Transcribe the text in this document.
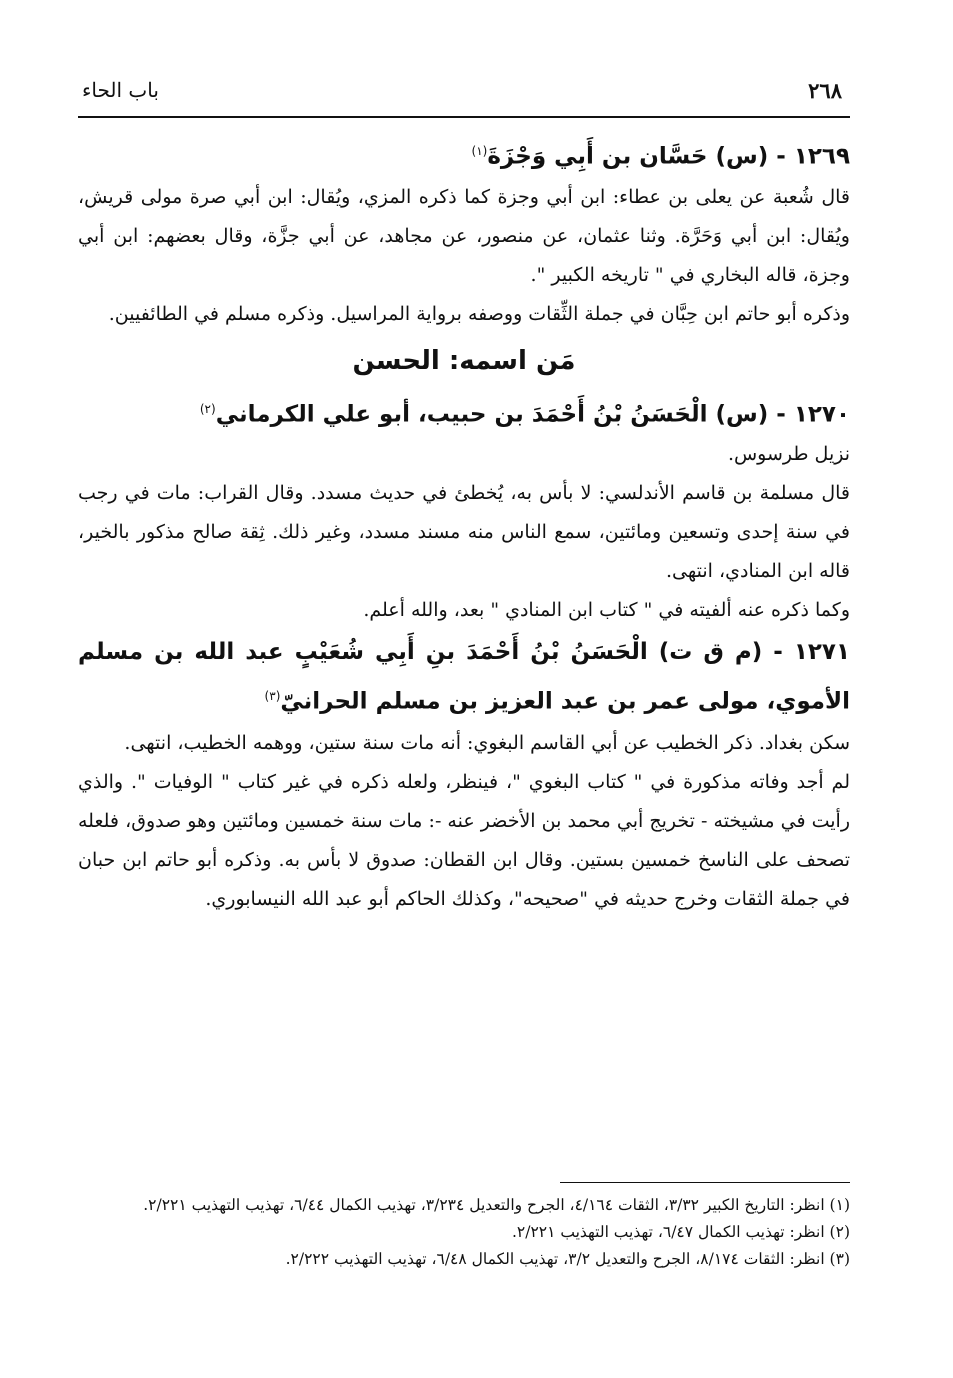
٢٦٨
باب الحاء

١٢٦٩ - (س) حَسَّان بن أَبِي وَجْزَةَ$^{(١)}$

قال شُعبة عن يعلى بن عطاء: ابن أبي وجزة كما ذكره المزي، ويُقال: ابن أبي صرة مولى قريش، ويُقال: ابن أبي وَحَرَّة. وثنا عثمان، عن منصور، عن مجاهد، عن أبي جزَّة، وقال بعضهم: ابن أبي وجزة، قاله البخاري في " تاريخه الكبير ".

وذكره أبو حاتم ابن حِبَّان في جملة الثِّقات ووصفه برواية المراسيل. وذكره مسلم في الطائفيين.

مَن اسمه: الحسن

١٢٧٠ - (س) الْحَسَنُ بْنُ أَحْمَدَ بن حبيب، أبو علي الكرماني$^{(٢)}$

نزيل طرسوس.

قال مسلمة بن قاسم الأندلسي: لا بأس به، يُخطئ في حديث مسدد. وقال القراب: مات في رجب في سنة إحدى وتسعين ومائتين، سمع الناس منه مسند مسدد، وغير ذلك. ثِقة صالح مذكور بالخير، قاله ابن المنادي، انتهى.

وكما ذكره عنه ألفيته في " كتاب ابن المنادي " بعد، والله أعلم.

١٢٧١ - (م ق ت) الْحَسَنُ بْنُ أَحْمَدَ بنِ أَبِي شُعَيْبٍ عبد الله بن مسلم الأموي، مولى عمر بن عبد العزيز بن مسلم الحرانيّ$^{(٣)}$

سكن بغداد. ذكر الخطيب عن أبي القاسم البغوي: أنه مات سنة ستين، ووهمه الخطيب، انتهى.

لم أجد وفاته مذكورة في " كتاب البغوي "، فينظر، ولعله ذكره في غير كتاب " الوفيات ". والذي رأيت في مشيخته - تخريج أبي محمد بن الأخضر عنه -: مات سنة خمسين ومائتين وهو صدوق، فلعله تصحف على الناسخ خمسين بستين. وقال ابن القطان: صدوق لا بأس به. وذكره أبو حاتم ابن حبان في جملة الثقات وخرج حديثه في "صحيحه"، وكذلك الحاكم أبو عبد الله النيسابوري.

(١) انظر: التاريخ الكبير ٣/٣٢، الثقات ٤/١٦٤، الجرح والتعديل ٣/٢٣٤، تهذيب الكمال ٦/٤٤، تهذيب التهذيب ٢/٢٢١.

(٢) انظر: تهذيب الكمال ٦/٤٧، تهذيب التهذيب ٢/٢٢١.

(٣) انظر: الثقات ٨/١٧٤، الجرح والتعديل ٣/٢، تهذيب الكمال ٦/٤٨، تهذيب التهذيب ٢/٢٢٢.
